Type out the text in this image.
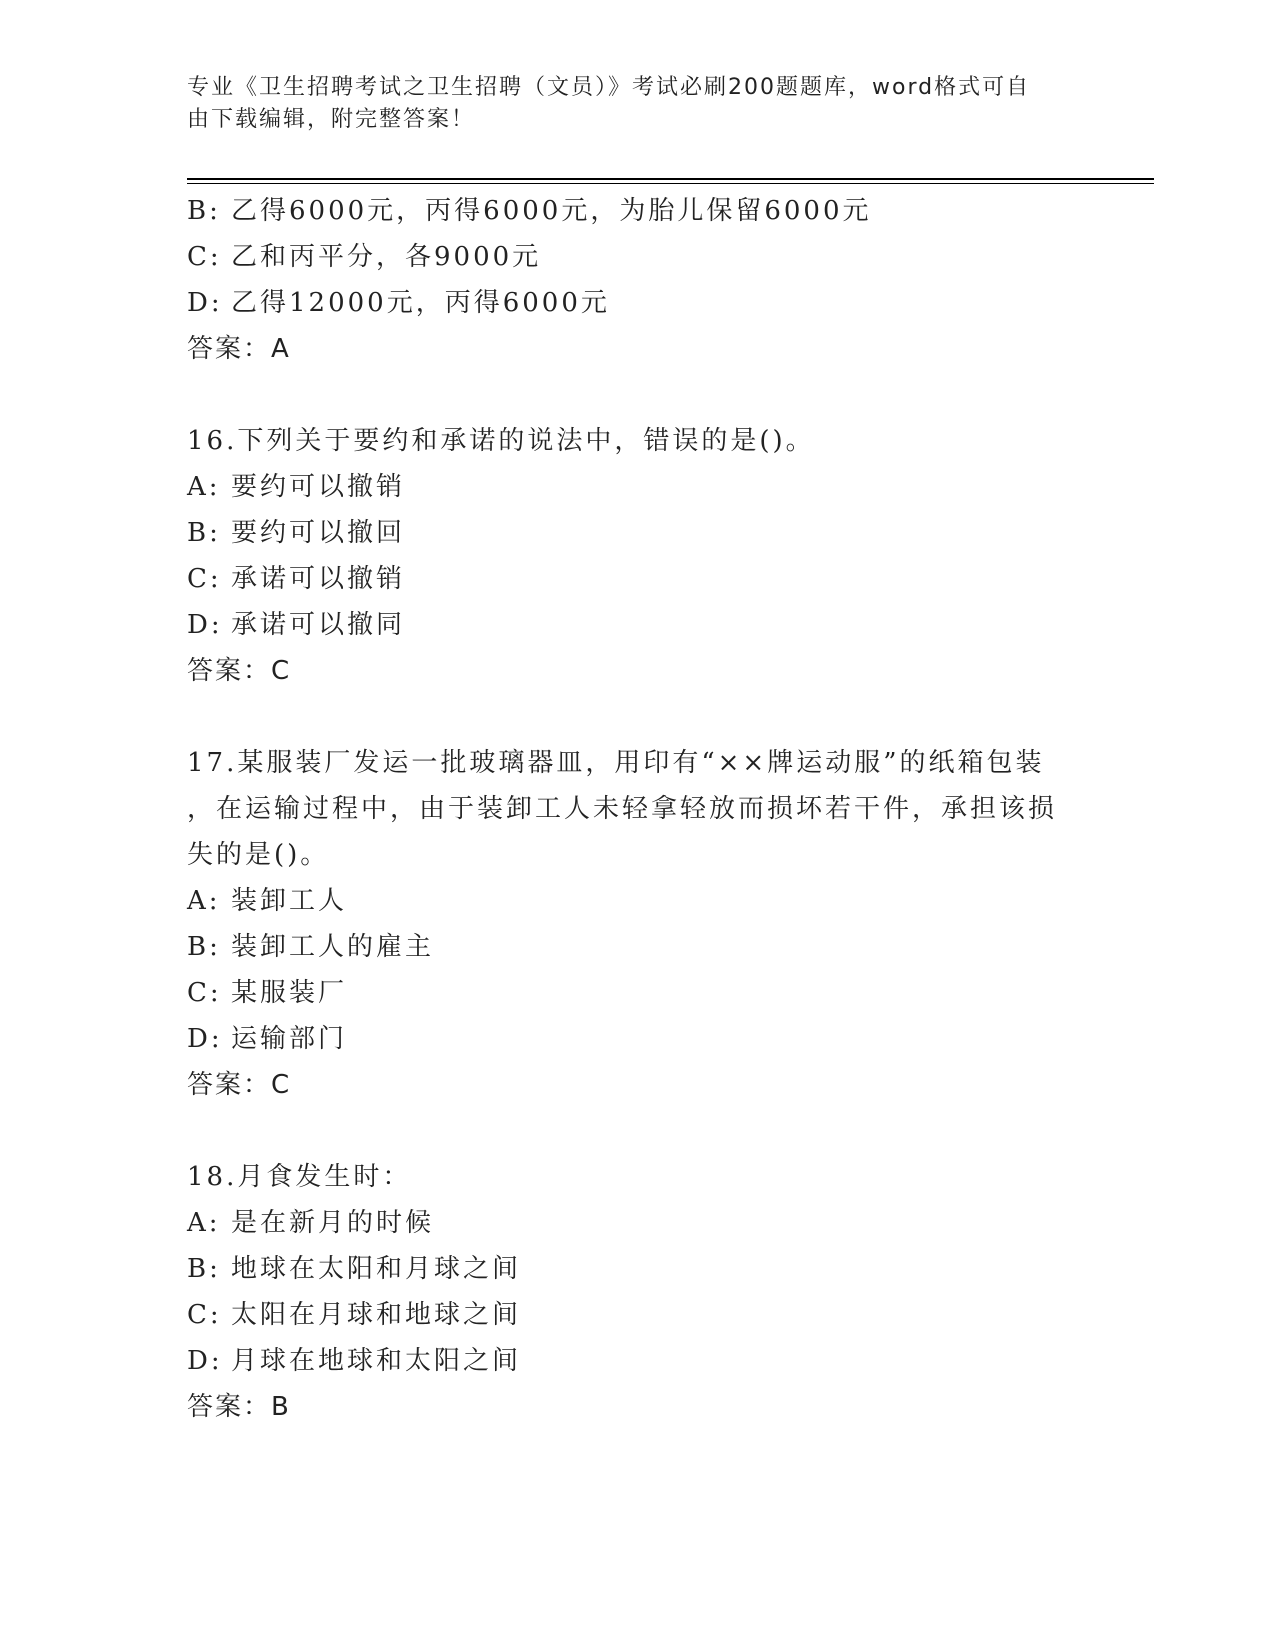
专业《卫生招聘考试之卫生招聘（文员）》考试必刷200题题库，word格式可自
由下载编辑，附完整答案！
B: 乙得6000元，丙得6000元，为胎儿保留6000元
C: 乙和丙平分，各9000元
D: 乙得12000元，丙得6000元
答案：A
16.下列关于要约和承诺的说法中，错误的是()。
A: 要约可以撤销
B: 要约可以撤回
C: 承诺可以撤销
D: 承诺可以撤同
答案：C
17.某服装厂发运一批玻璃器皿，用印有“××牌运动服”的纸箱包装
，在运输过程中，由于装卸工人未轻拿轻放而损坏若干件，承担该损
失的是()。
A: 装卸工人
B: 装卸工人的雇主
C: 某服装厂
D: 运输部门
答案：C
18.月食发生时：
A: 是在新月的时候
B: 地球在太阳和月球之间
C: 太阳在月球和地球之间
D: 月球在地球和太阳之间
答案：B
